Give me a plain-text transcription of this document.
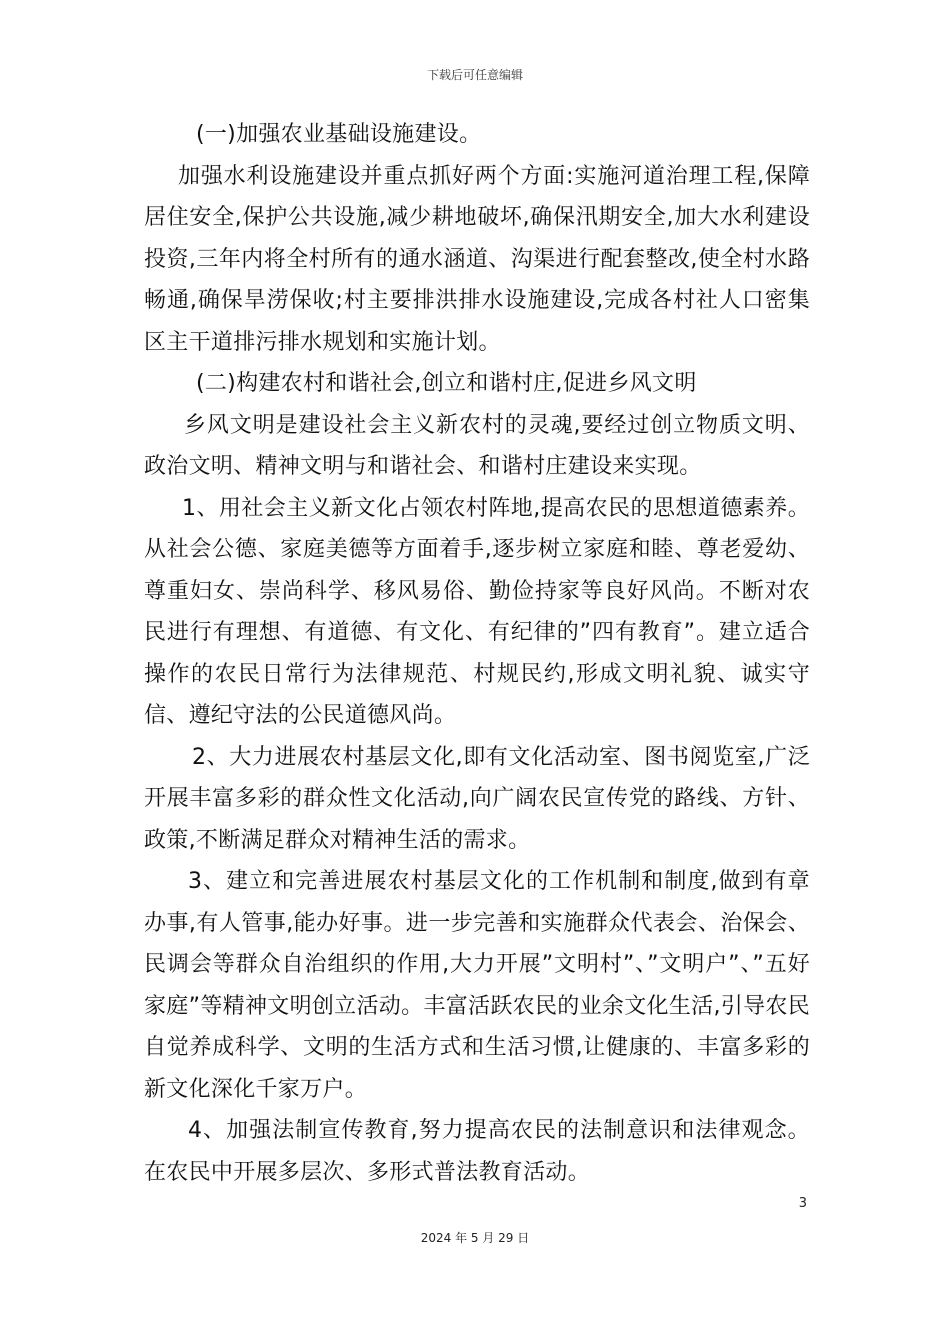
下载后可任意编辑

(一)加强农业基础设施建设。

加强水利设施建设并重点抓好两个方面:实施河道治理工程,保障居住安全,保护公共设施,减少耕地破坏,确保汛期安全,加大水利建设投资,三年内将全村所有的通水涵道、沟渠进行配套整改,使全村水路畅通,确保旱涝保收;村主要排洪排水设施建设,完成各村社人口密集区主干道排污排水规划和实施计划。

(二)构建农村和谐社会,创立和谐村庄,促进乡风文明

乡风文明是建设社会主义新农村的灵魂,要经过创立物质文明、政治文明、精神文明与和谐社会、和谐村庄建设来实现。

1、用社会主义新文化占领农村阵地,提高农民的思想道德素养。从社会公德、家庭美德等方面着手,逐步树立家庭和睦、尊老爱幼、尊重妇女、崇尚科学、移风易俗、勤俭持家等良好风尚。不断对农民进行有理想、有道德、有文化、有纪律的”四有教育”。建立适合操作的农民日常行为法律规范、村规民约,形成文明礼貌、诚实守信、遵纪守法的公民道德风尚。

2、大力进展农村基层文化,即有文化活动室、图书阅览室,广泛开展丰富多彩的群众性文化活动,向广阔农民宣传党的路线、方针、政策,不断满足群众对精神生活的需求。

3、建立和完善进展农村基层文化的工作机制和制度,做到有章办事,有人管事,能办好事。进一步完善和实施群众代表会、治保会、民调会等群众自治组织的作用,大力开展”文明村”、”文明户”、”五好家庭”等精神文明创立活动。丰富活跃农民的业余文化生活,引导农民自觉养成科学、文明的生活方式和生活习惯,让健康的、丰富多彩的新文化深化千家万户。

4、加强法制宣传教育,努力提高农民的法制意识和法律观念。在农民中开展多层次、多形式普法教育活动。

3
2024 年 5 月 29 日
